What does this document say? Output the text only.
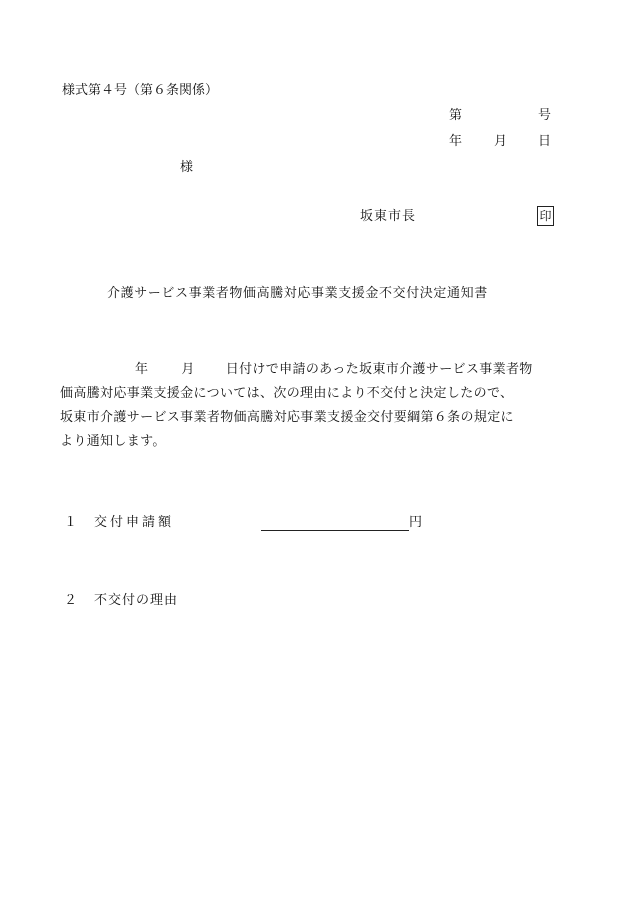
様式第４号（第６条関係）
第	号
年 月 日
様
坂東市長	印
介護サービス事業者物価高騰対応事業支援金不交付決定通知書
年	月 日付けで申請のあった坂東市介護サービス事業者物
価高騰対応事業支援金については、次の理由により不交付と決定したので、
坂東市介護サービス事業者物価高騰対応事業支援金交付要綱第６条の規定に
より通知します。
１ 交付申請額	円
２ 不交付の理由
